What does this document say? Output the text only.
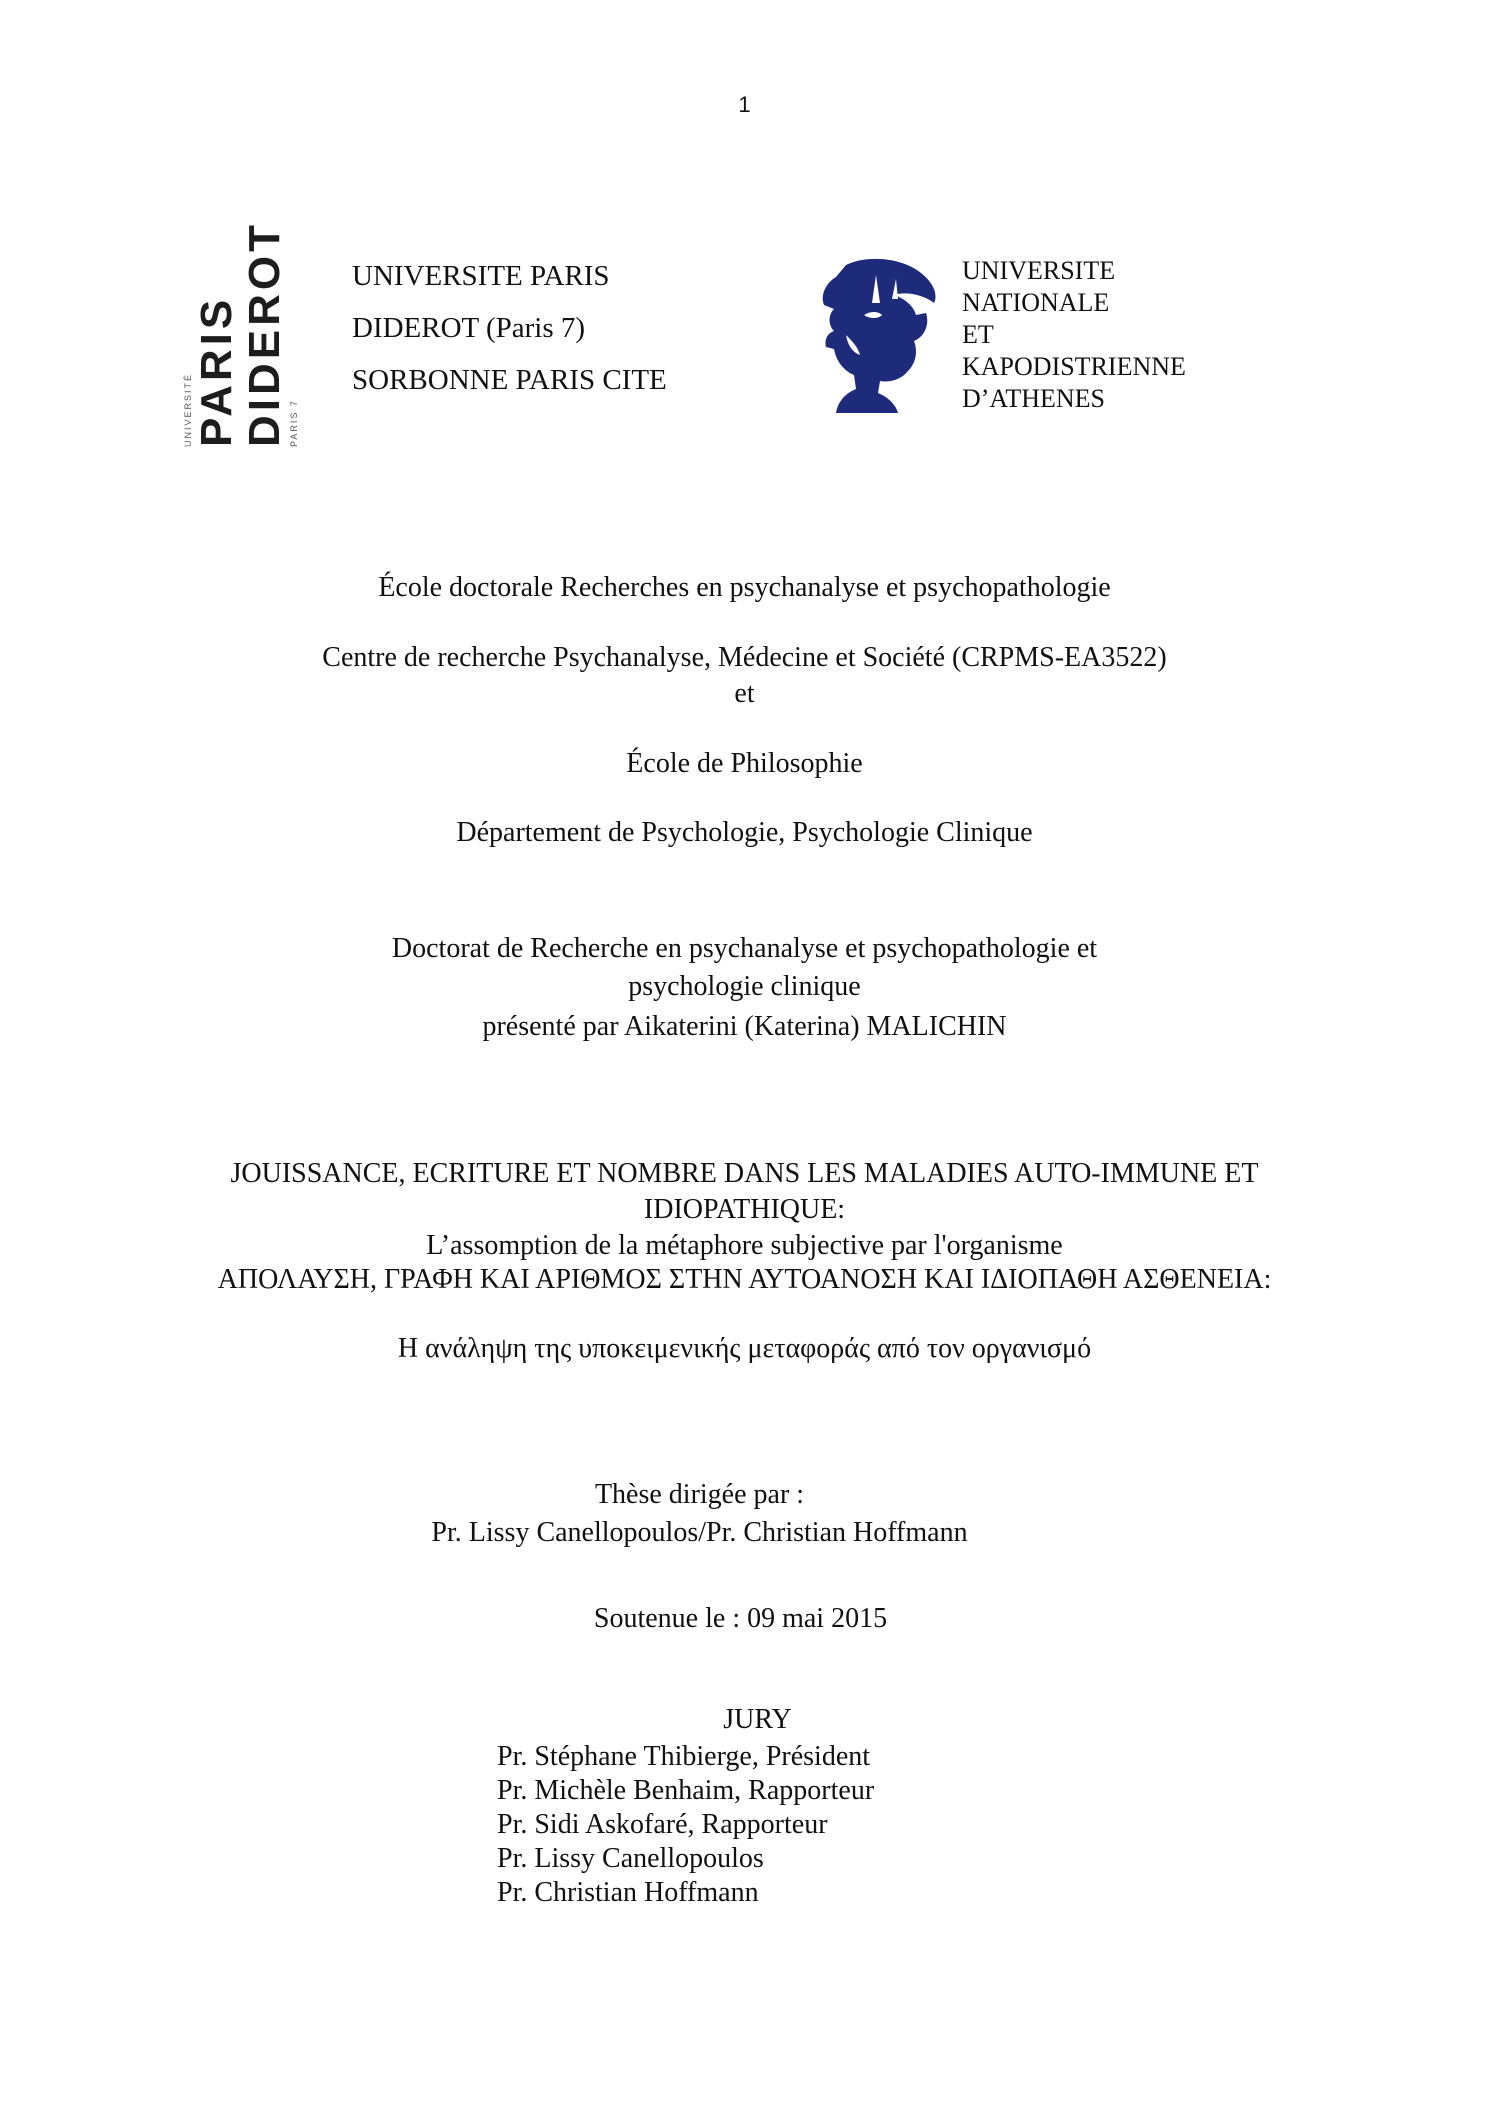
1
UNIVERSITÉ PARIS DIDEROT PARIS 7
UNIVERSITE PARIS
DIDEROT (Paris 7)
SORBONNE PARIS CITE
UNIVERSITE
NATIONALE
ET
KAPODISTRIENNE
D’ATHENES
École doctorale Recherches en psychanalyse et psychopathologie
Centre de recherche Psychanalyse, Médecine et Société (CRPMS-EA3522)
et
École de Philosophie
Département de Psychologie, Psychologie Clinique
Doctorat de Recherche en psychanalyse et psychopathologie et
psychologie clinique
présenté par Aikaterini (Katerina) MALICHIN
JOUISSANCE, ECRITURE ET NOMBRE DANS LES MALADIES AUTO-IMMUNE ET
IDIOPATHIQUE:
L’assomption de la métaphore subjective par l'organisme
ΑΠΟΛΑΥΣΗ, ΓΡΑΦΗ ΚΑΙ ΑΡΙΘΜΟΣ ΣΤΗΝ ΑΥΤΟΑΝΟΣΗ ΚΑΙ ΙΔΙΟΠΑΘΗ ΑΣΘΕΝΕΙΑ:
Η ανάληψη της υποκειμενικής μεταφοράς από τον οργανισμό
Thèse dirigée par :
Pr. Lissy Canellopoulos/Pr. Christian Hoffmann
Soutenue le : 09 mai 2015
JURY
Pr. Stéphane Thibierge, Président
Pr. Michèle Benhaim, Rapporteur
Pr. Sidi Askofaré, Rapporteur
Pr. Lissy Canellopoulos
Pr. Christian Hoffmann
